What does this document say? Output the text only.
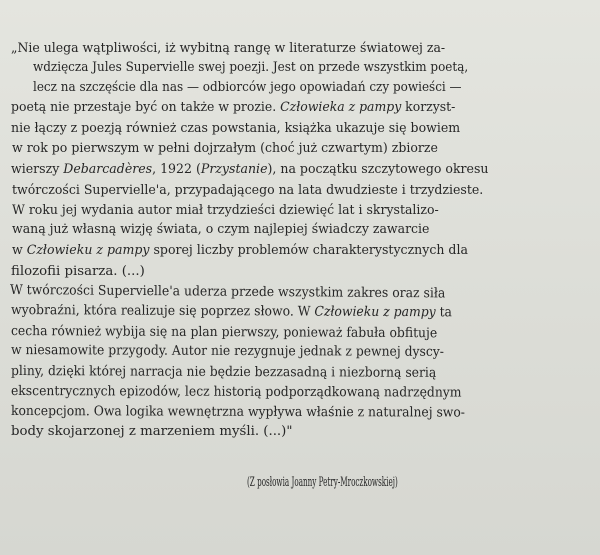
„Nie ulega wątpliwości, iż wybitną rangę w literaturze światowej za-

wdzięcza Jules Supervielle swej poezji. Jest on przede wszystkim poetą,

lecz na szczęście dla nas — odbiorców jego opowiadań czy powieści —

poetą nie przestaje być on także w prozie. Człowieka z pampy korzyst-

nie łączy z poezją również czas powstania, książka ukazuje się bowiem

w rok po pierwszym w pełni dojrzałym (choć już czwartym) zbiorze

wierszy Debarcadères, 1922 (Przystanie), na początku szczytowego okresu

twórczości Supervielle'a, przypadającego na lata dwudzieste i trzydzieste.

W roku jej wydania autor miał trzydzieści dziewięć lat i skrystalizo-

waną już własną wizję świata, o czym najlepiej świadczy zawarcie

w Człowieku z pampy sporej liczby problemów charakterystycznych dla

filozofii pisarza. (...)

W twórczości Supervielle'a uderza przede wszystkim zakres oraz siła

wyobraźni, która realizuje się poprzez słowo. W Człowieku z pampy ta

cecha również wybija się na plan pierwszy, ponieważ fabuła obfituje

w niesamowite przygody. Autor nie rezygnuje jednak z pewnej dyscy-

pliny, dzięki której narracja nie będzie bezzasadną i niezborną serią

ekscentrycznych epizodów, lecz historią podporządkowaną nadrzędnym

koncepcjom. Owa logika wewnętrzna wypływa właśnie z naturalnej swo-

body skojarzonej z marzeniem myśli. (...)"

(Z posłowia Joanny Petry-Mroczkowskiej)
